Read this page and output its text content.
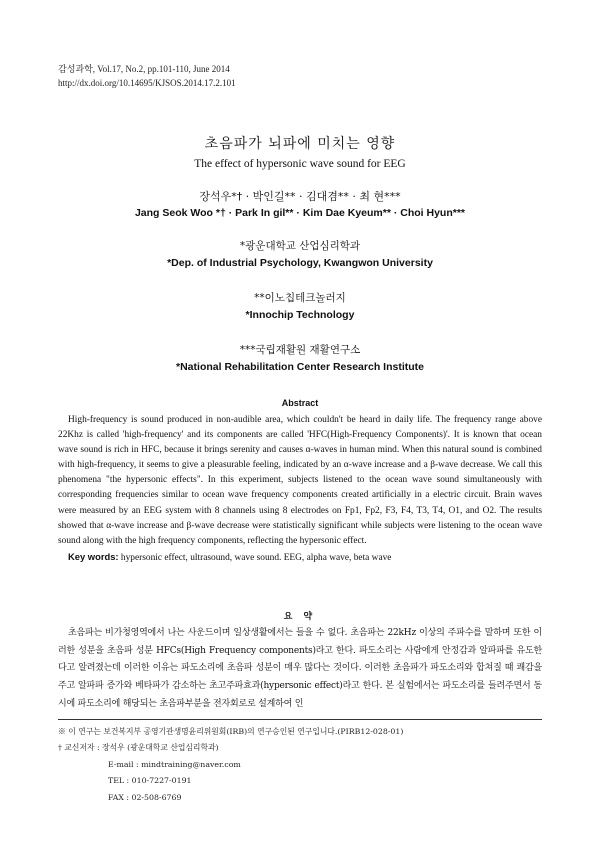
감성과학, Vol.17, No.2, pp.101-110, June 2014
http://dx.doi.org/10.14695/KJSOS.2014.17.2.101
초음파가 뇌파에 미치는 영향
The effect of hypersonic wave sound for EEG
장석우*† · 박인길** · 김대겸** · 최 현***
Jang Seok Woo *† · Park In gil** · Kim Dae Kyeum** · Choi Hyun***
*광운대학교 산업심리학과
*Dep. of Industrial Psychology, Kwangwon University
**이노칩테크놀러지
*Innochip Technology
***국립재활원 재활연구소
*National Rehabilitation Center Research Institute
Abstract

High-frequency is sound produced in non-audible area, which couldn't be heard in daily life. The frequency range above 22Khz is called 'high-frequency' and its components are called 'HFC(High-Frequency Components)'. It is known that ocean wave sound is rich in HFC, because it brings serenity and causes α-waves in human mind. When this natural sound is combined with high-frequency, it seems to give a pleasurable feeling, indicated by an α-wave increase and a β-wave decrease. We call this phenomena "the hypersonic effects". In this experiment, subjects listened to the ocean wave sound simultaneously with corresponding frequencies similar to ocean wave frequency components created artificially in a electric circuit. Brain waves were measured by an EEG system with 8 channels using 8 electrodes on Fp1, Fp2, F3, F4, T3, T4, O1, and O2. The results showed that α-wave increase and β-wave decrease were statistically significant while subjects were listening to the ocean wave sound along with the high frequency components, reflecting the hypersonic effect.

Key words: hypersonic effect, ultrasound, wave sound. EEG, alpha wave, beta wave

요 약

초음파는 비가청영역에서 나는 사운드이며 일상생활에서는 들을 수 없다. 초음파는 22kHz 이상의 주파수를 말하며 또한 이러한 성분을 초음파 성분 HFCs(High Frequency components)라고 한다. 파도소리는 사람에게 안정감과 알파파를 유도한다고 알려졌는데 이러한 이유는 파도소리에 초음파 성분이 매우 많다는 것이다. 이러한 초음파가 파도소리와 합쳐질 때 쾌감을 주고 알파파 증가와 베타파가 감소하는 초고주파효과(hypersonic effect)라고 한다. 본 실험에서는 파도소리를 들려주면서 동시에 파도소리에 해당되는 초음파부분을 전자회로로 설계하여 인

※ 이 연구는 보건복지부 공영기관생명윤리위원회(IRB)의 연구승인된 연구입니다.(PIRB12-028-01)
† 교신저자 : 장석우 (광운대학교 산업심리학과)
E-mail : mindtraining@naver.com
TEL : 010-7227-0191
FAX : 02-508-6769
